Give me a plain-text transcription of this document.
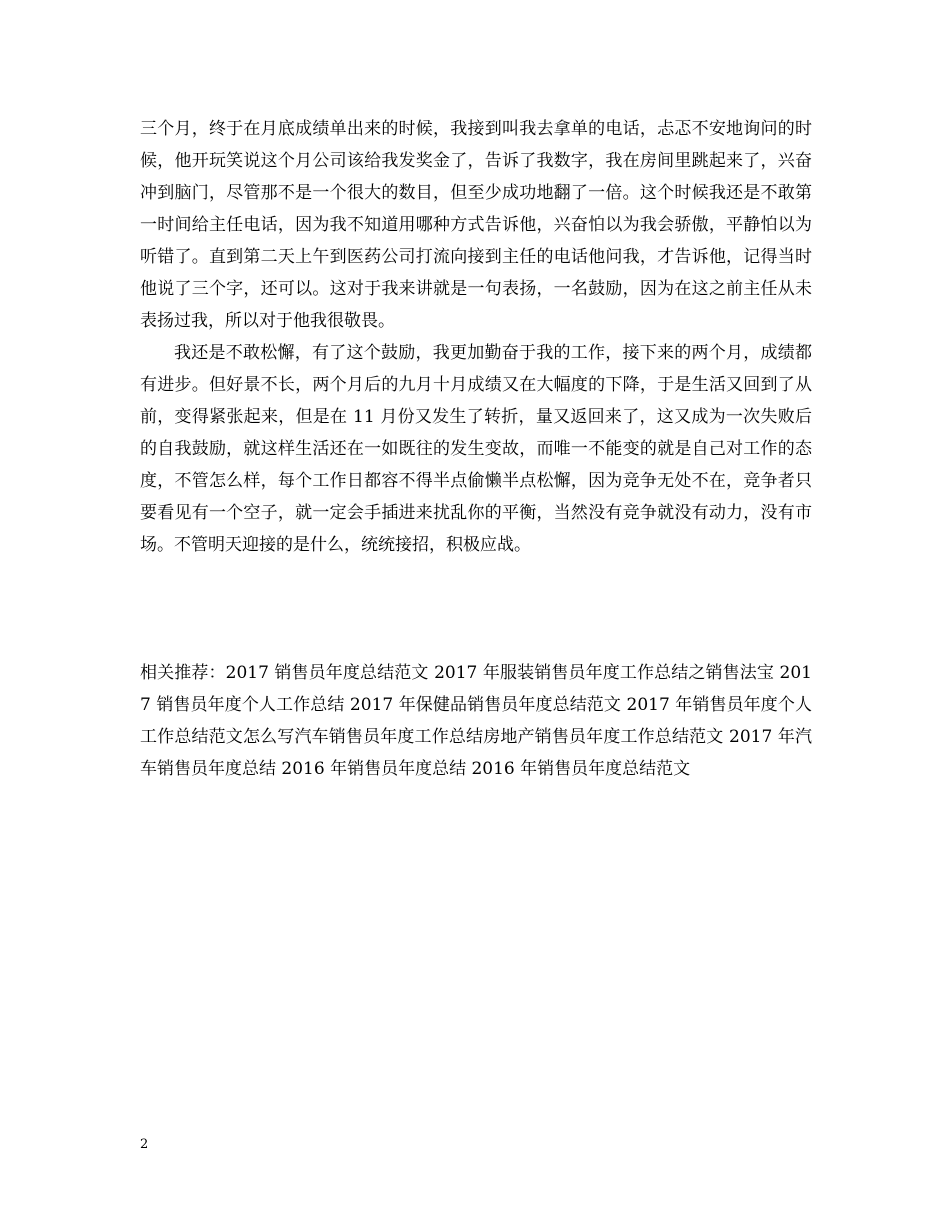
三个月，终于在月底成绩单出来的时候，我接到叫我去拿单的电话，忐忑不安地询问的时候，他开玩笑说这个月公司该给我发奖金了，告诉了我数字，我在房间里跳起来了，兴奋冲到脑门，尽管那不是一个很大的数目，但至少成功地翻了一倍。这个时候我还是不敢第一时间给主任电话，因为我不知道用哪种方式告诉他，兴奋怕以为我会骄傲，平静怕以为听错了。直到第二天上午到医药公司打流向接到主任的电话他问我，才告诉他，记得当时他说了三个字，还可以。这对于我来讲就是一句表扬，一名鼓励，因为在这之前主任从未表扬过我，所以对于他我很敬畏。

我还是不敢松懈，有了这个鼓励，我更加勤奋于我的工作，接下来的两个月，成绩都有进步。但好景不长，两个月后的九月十月成绩又在大幅度的下降，于是生活又回到了从前，变得紧张起来，但是在 11 月份又发生了转折，量又返回来了，这又成为一次失败后的自我鼓励，就这样生活还在一如既往的发生变故，而唯一不能变的就是自己对工作的态度，不管怎么样，每个工作日都容不得半点偷懒半点松懈，因为竞争无处不在，竞争者只要看见有一个空子，就一定会手插进来扰乱你的平衡，当然没有竞争就没有动力，没有市场。不管明天迎接的是什么，统统接招，积极应战。

相关推荐：2017 销售员年度总结范文 2017 年服装销售员年度工作总结之销售法宝 2017 销售员年度个人工作总结 2017 年保健品销售员年度总结范文 2017 年销售员年度个人工作总结范文怎么写汽车销售员年度工作总结房地产销售员年度工作总结范文 2017 年汽车销售员年度总结 2016 年销售员年度总结 2016 年销售员年度总结范文

2
